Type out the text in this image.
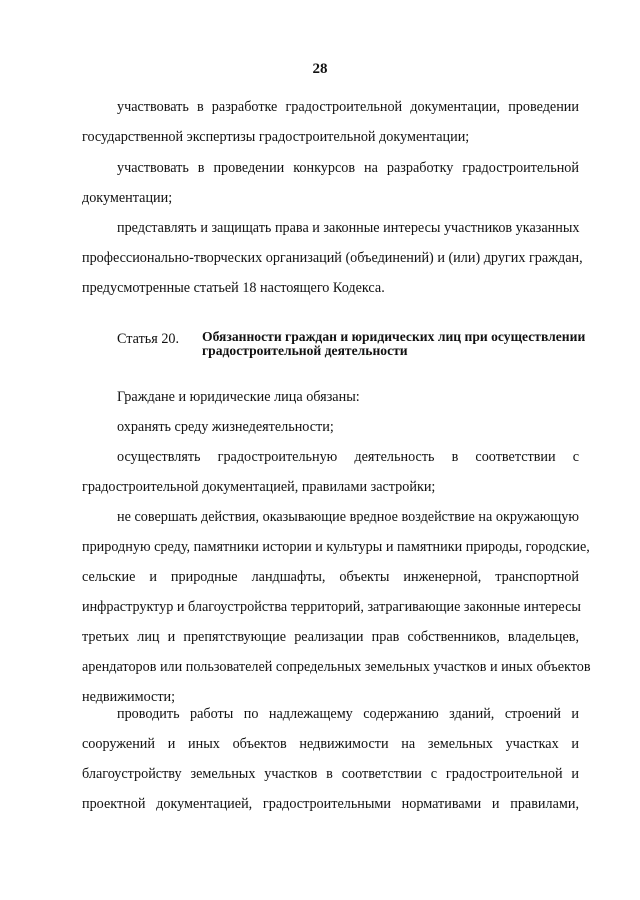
28
участвовать в разработке градостроительной документации, проведении
государственной экспертизы градостроительной документации;
участвовать в проведении конкурсов на разработку градостроительной
документации;
представлять и защищать права и законные интересы участников указанных
профессионально-творческих организаций (объединений) и (или) других граждан,
предусмотренные статьей 18 настоящего Кодекса.
Статья 20. Обязанности граждан и юридических лиц при осуществлении
градостроительной деятельности
Граждане и юридические лица обязаны:
охранять среду жизнедеятельности;
осуществлять градостроительную деятельность в соответствии с
градостроительной документацией, правилами застройки;
не совершать действия, оказывающие вредное воздействие на окружающую
природную среду, памятники истории и культуры и памятники природы, городские,
сельские и природные ландшафты, объекты инженерной, транспортной
инфраструктур и благоустройства территорий, затрагивающие законные интересы
третьих лиц и препятствующие реализации прав собственников, владельцев,
арендаторов или пользователей сопредельных земельных участков и иных объектов
недвижимости;
проводить работы по надлежащему содержанию зданий, строений и
сооружений и иных объектов недвижимости на земельных участках и
благоустройству земельных участков в соответствии с градостроительной и
проектной документацией, градостроительными нормативами и правилами,
